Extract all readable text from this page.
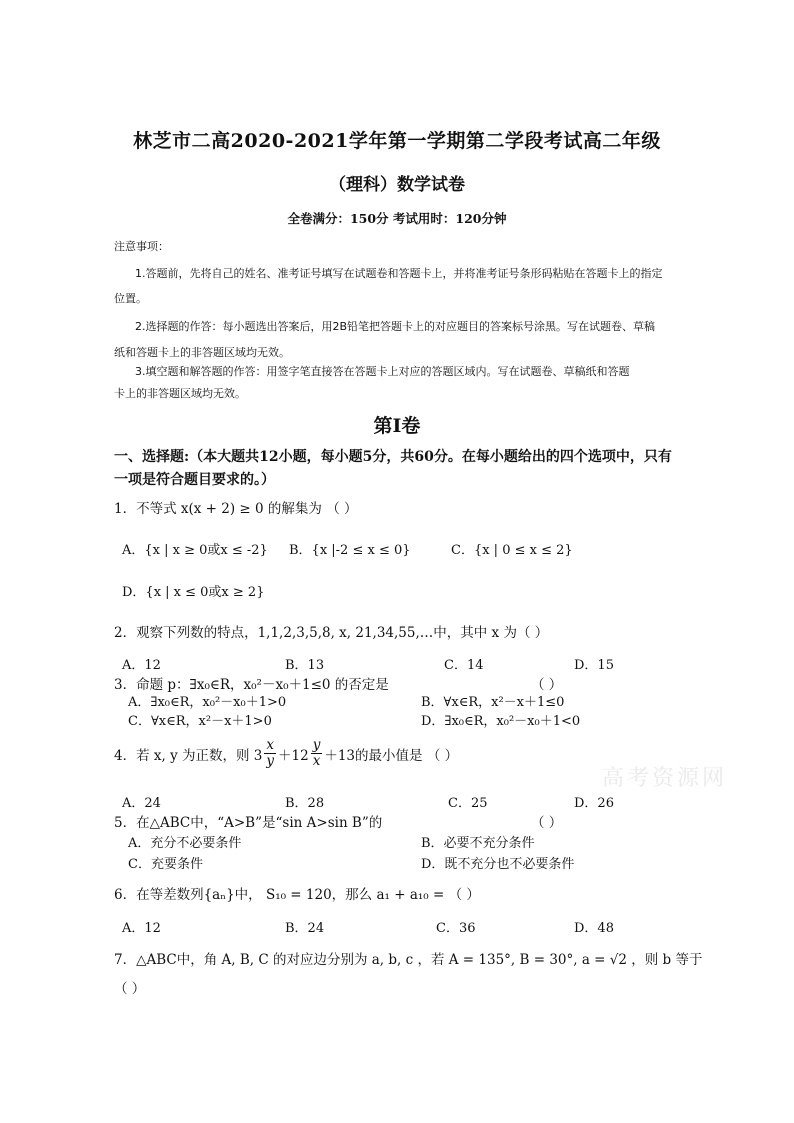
林芝市二高2020-2021学年第一学期第二学段考试高二年级
（理科）数学试卷
全卷满分：150分 考试用时：120分钟
注意事项：
1.答题前，先将自己的姓名、准考证号填写在试题卷和答题卡上，并将准考证号条形码粘贴在答题卡上的指定
位置。
2.选择题的作答：每小题选出答案后，用2B铅笔把答题卡上的对应题目的答案标号涂黑。写在试题卷、草稿
纸和答题卡上的非答题区域均无效。
3.填空题和解答题的作答：用签字笔直接答在答题卡上对应的答题区域内。写在试题卷、草稿纸和答题
卡上的非答题区域均无效。
第Ⅰ卷
一、选择题:（本大题共12小题，每小题5分，共60分。在每小题给出的四个选项中，只有
一项是符合题目要求的。）
1．不等式 x(x + 2) ≥ 0 的解集为 （ ）
A．{x | x ≥ 0或x ≤ -2} B．{x |-2 ≤ x ≤ 0}	C．{x | 0 ≤ x ≤ 2}
D．{x | x ≤ 0或x ≥ 2}
2．观察下列数的特点，1,1,2,3,5,8, x, 21,34,55,…中，其中 x 为（ ）
A．12	B．13	C．14	D．15
3．命题 p：∃x₀∈R，x₀²－x₀＋1≤0 的否定是	（ ）
A．∃x₀∈R，x₀²－x₀＋1>0	B．∀x∈R，x²－x＋1≤0
C．∀x∈R，x²－x＋1>0	D．∃x₀∈R，x₀²－x₀＋1<0
4．若 x, y 为正数，则 $3 \frac{x}{y} +12 \frac{y}{x} +13$的最小值是 （ ）
高考资源网
A．24	B．28	C．25	D．26
5．在△ABC中，“A>B”是“sin A>sin B”的	（ ）
A．充分不必要条件	B．必要不充分条件
C．充要条件	D．既不充分也不必要条件
6．在等差数列{aₙ}中， S₁₀ = 120，那么 a₁ + a₁₀ = （ ）
A．12	B．24	C．36	D．48
7．△ABC中，角 A, B, C 的对应边分别为 a, b, c ，若 A = 135°, B = 30°, a = √2 ，则 b 等于
（ ）
